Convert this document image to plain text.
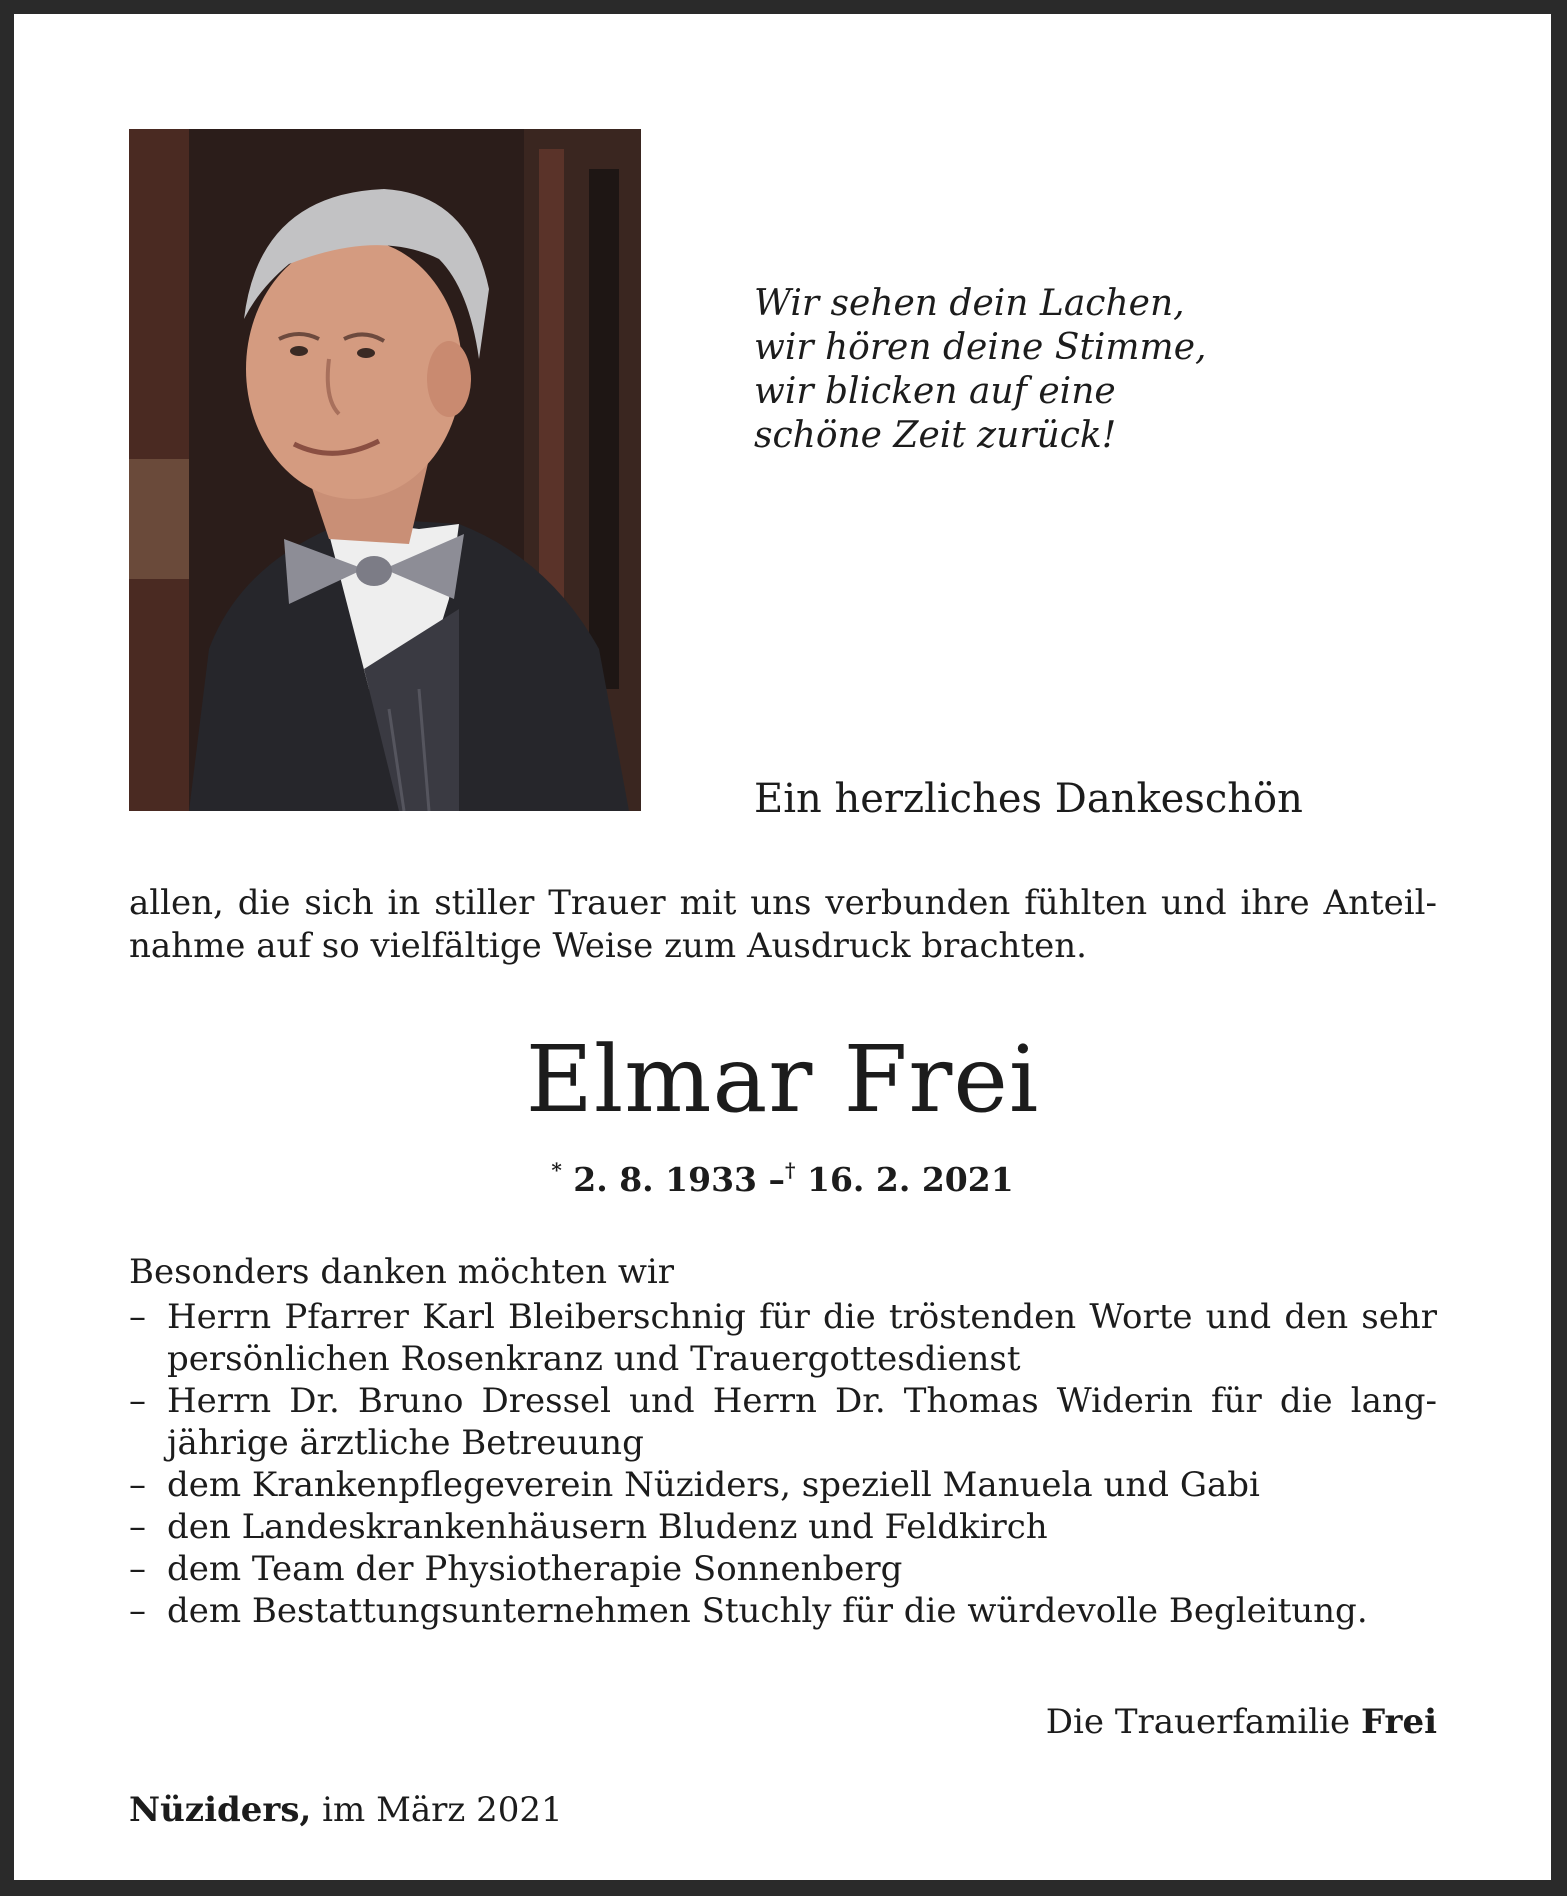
Wir sehen dein Lachen,
wir hören deine Stimme,
wir blicken auf eine
schöne Zeit zurück!
Ein herzliches Dankeschön
allen, die sich in stiller Trauer mit uns verbunden fühlten und ihre Anteil-
nahme auf so vielfältige Weise zum Ausdruck brachten.
Elmar Frei
* 2. 8. 1933 –† 16. 2. 2021
Besonders danken möchten wir
– Herrn Pfarrer Karl Bleiberschnig für die tröstenden Worte und den sehr
persönlichen Rosenkranz und Trauergottesdienst
– Herrn Dr. Bruno Dressel und Herrn Dr. Thomas Widerin für die lang-
jährige ärztliche Betreuung
– dem Krankenpflegeverein Nüziders, speziell Manuela und Gabi
– den Landeskrankenhäusern Bludenz und Feldkirch
– dem Team der Physiotherapie Sonnenberg
– dem Bestattungsunternehmen Stuchly für die würdevolle Begleitung.
Die Trauerfamilie Frei
Nüziders, im März 2021
